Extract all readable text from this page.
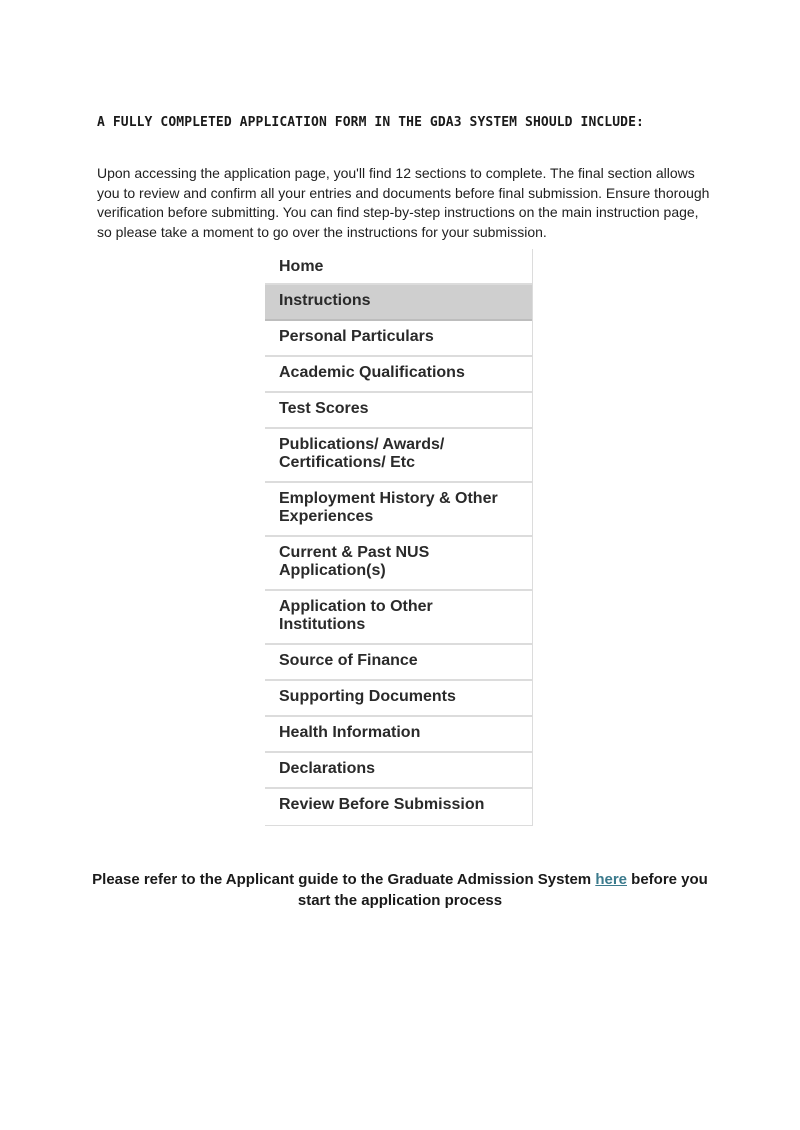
A FULLY COMPLETED APPLICATION FORM IN THE GDA3 SYSTEM SHOULD INCLUDE:

Upon accessing the application page, you'll find 12 sections to complete. The final section allows you to review and confirm all your entries and documents before final submission. Ensure thorough verification before submitting. You can find step-by-step instructions on the main instruction page, so please take a moment to go over the instructions for your submission.

Home
Instructions
Personal Particulars
Academic Qualifications
Test Scores
Publications/ Awards/ Certifications/ Etc
Employment History & Other Experiences
Current & Past NUS Application(s)
Application to Other Institutions
Source of Finance
Supporting Documents
Health Information
Declarations
Review Before Submission

Please refer to the Applicant guide to the Graduate Admission System here before you start the application process
